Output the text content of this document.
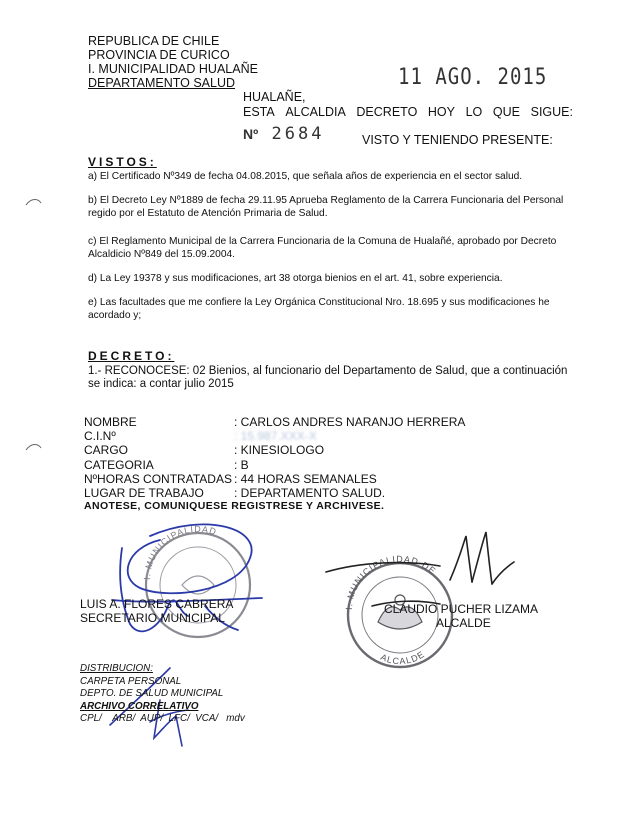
REPUBLICA DE CHILE
PROVINCIA DE CURICO
I. MUNICIPALIDAD HUALAÑE
DEPARTAMENTO SALUD	11 AGO. 2015
HUALAÑE,
ESTA ALCALDIA DECRETO HOY LO QUE SIGUE:
Nº 2684	VISTO Y TENIENDO PRESENTE:
VISTOS:
a) El Certificado Nº349 de fecha 04.08.2015, que señala años de experiencia en el sector salud.
b) El Decreto Ley Nº1889 de fecha 29.11.95 Aprueba Reglamento de la Carrera Funcionaria del Personal regido por el Estatuto de Atención Primaria de Salud.
c) El Reglamento Municipal de la Carrera Funcionaria de la Comuna de Hualañé, aprobado por Decreto Alcaldicio Nº849 del 15.09.2004.
d) La Ley 19378 y sus modificaciones, art 38 otorga bienios en el art. 41, sobre experiencia.
e) Las facultades que me confiere la Ley Orgánica Constitucional Nro. 18.695 y sus modificaciones he acordado y;
DECRETO:
1.- RECONOCESE: 02 Bienios, al funcionario del Departamento de Salud, que a continuación se indica: a contar julio 2015
NOMBRE	: CARLOS ANDRES NARANJO HERRERA
C.I.Nº	: 15.987.XXX-X
CARGO	: KINESIOLOGO
CATEGORIA	: B
NºHORAS CONTRATADAS : 44 HORAS SEMANALES
LUGAR DE TRABAJO	: DEPARTAMENTO SALUD.
ANOTESE, COMUNIQUESE REGISTRESE Y ARCHIVESE.
I. MUNICIPALIDAD
I. MUNICIPALIDAD DE
ALCALDE
LUIS A. FLORES CABRERA
SECRETARIO MUNICIPAL
CLAUDIO PUCHER LIZAMA
ALCALDE
DISTRIBUCION:
CARPETA PERSONAL
DEPTO. DE SALUD MUNICIPAL
ARCHIVO CORRELATIVO
CPL/    ARB/  AUP/  LFC/  VCA/   mdv
